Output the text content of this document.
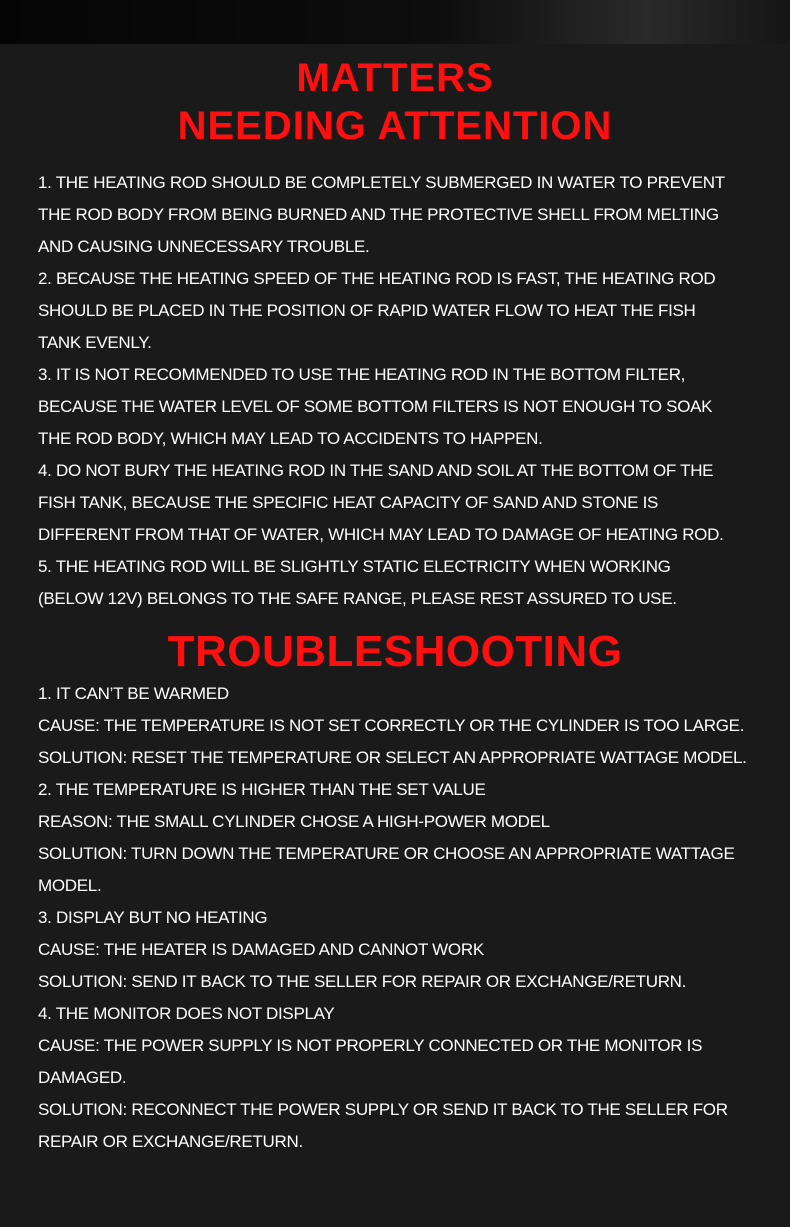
MATTERS
NEEDING ATTENTION
1. THE HEATING ROD SHOULD BE COMPLETELY SUBMERGED IN WATER TO PREVENT
THE ROD BODY FROM BEING BURNED AND THE PROTECTIVE SHELL FROM MELTING
AND CAUSING UNNECESSARY TROUBLE.
2. BECAUSE THE HEATING SPEED OF THE HEATING ROD IS FAST, THE HEATING ROD
SHOULD BE PLACED IN THE POSITION OF RAPID WATER FLOW TO HEAT THE FISH
TANK EVENLY.
3. IT IS NOT RECOMMENDED TO USE THE HEATING ROD IN THE BOTTOM FILTER,
BECAUSE THE WATER LEVEL OF SOME BOTTOM FILTERS IS NOT ENOUGH TO SOAK
THE ROD BODY, WHICH MAY LEAD TO ACCIDENTS TO HAPPEN.
4. DO NOT BURY THE HEATING ROD IN THE SAND AND SOIL AT THE BOTTOM OF THE
FISH TANK, BECAUSE THE SPECIFIC HEAT CAPACITY OF SAND AND STONE IS
DIFFERENT FROM THAT OF WATER, WHICH MAY LEAD TO DAMAGE OF HEATING ROD.
5. THE HEATING ROD WILL BE SLIGHTLY STATIC ELECTRICITY WHEN WORKING
(BELOW 12V) BELONGS TO THE SAFE RANGE, PLEASE REST ASSURED TO USE.
TROUBLESHOOTING
1. IT CAN’T BE WARMED
CAUSE: THE TEMPERATURE IS NOT SET CORRECTLY OR THE CYLINDER IS TOO LARGE.
SOLUTION: RESET THE TEMPERATURE OR SELECT AN APPROPRIATE WATTAGE MODEL.
2. THE TEMPERATURE IS HIGHER THAN THE SET VALUE
REASON: THE SMALL CYLINDER CHOSE A HIGH-POWER MODEL
SOLUTION: TURN DOWN THE TEMPERATURE OR CHOOSE AN APPROPRIATE WATTAGE
MODEL.
3. DISPLAY BUT NO HEATING
CAUSE: THE HEATER IS DAMAGED AND CANNOT WORK
SOLUTION: SEND IT BACK TO THE SELLER FOR REPAIR OR EXCHANGE/RETURN.
4. THE MONITOR DOES NOT DISPLAY
CAUSE: THE POWER SUPPLY IS NOT PROPERLY CONNECTED OR THE MONITOR IS
DAMAGED.
SOLUTION: RECONNECT THE POWER SUPPLY OR SEND IT BACK TO THE SELLER FOR
REPAIR OR EXCHANGE/RETURN.
